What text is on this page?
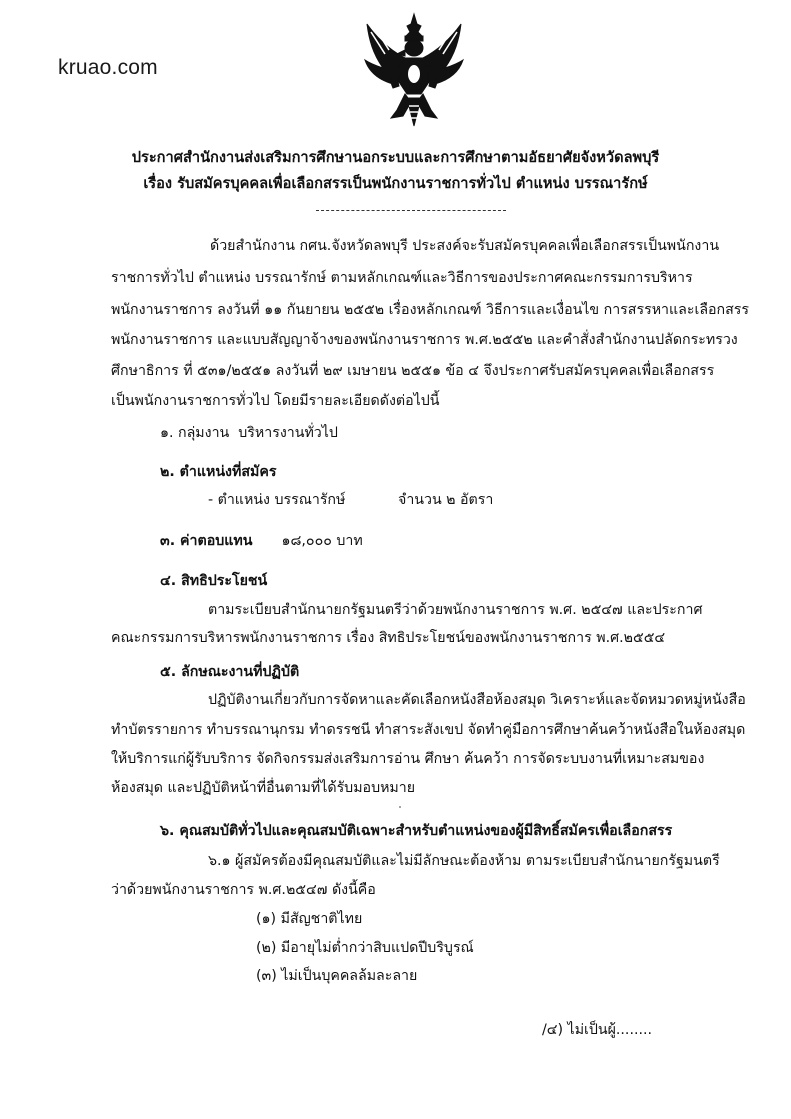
kruao.com
ประกาศสำนักงานส่งเสริมการศึกษานอกระบบและการศึกษาตามอัธยาศัยจังหวัดลพบุรี
เรื่อง รับสมัครบุคคลเพื่อเลือกสรรเป็นพนักงานราชการทั่วไป ตำแหน่ง บรรณารักษ์
------------------------------------------
ด้วยสำนักงาน กศน.จังหวัดลพบุรี ประสงค์จะรับสมัครบุคคลเพื่อเลือกสรรเป็นพนักงาน
ราชการทั่วไป ตำแหน่ง บรรณารักษ์ ตามหลักเกณฑ์และวิธีการของประกาศคณะกรรมการบริหาร
พนักงานราชการ ลงวันที่ ๑๑ กันยายน ๒๕๕๒ เรื่องหลักเกณฑ์ วิธีการและเงื่อนไข การสรรหาและเลือกสรร
พนักงานราชการ และแบบสัญญาจ้างของพนักงานราชการ พ.ศ.๒๕๕๒ และคำสั่งสำนักงานปลัดกระทรวง
ศึกษาธิการ ที่ ๕๓๑/๒๕๕๑ ลงวันที่ ๒๙ เมษายน ๒๕๕๑ ข้อ ๔ จึงประกาศรับสมัครบุคคลเพื่อเลือกสรร
เป็นพนักงานราชการทั่วไป โดยมีรายละเอียดดังต่อไปนี้
๑. กลุ่มงาน บริหารงานทั่วไป
๒. ตำแหน่งที่สมัคร
- ตำแหน่ง บรรณารักษ์	จำนวน ๒ อัตรา
๓. ค่าตอบแทน ๑๘,๐๐๐ บาท
๔. สิทธิประโยชน์
ตามระเบียบสำนักนายกรัฐมนตรีว่าด้วยพนักงานราชการ พ.ศ. ๒๕๔๗ และประกาศ
คณะกรรมการบริหารพนักงานราชการ เรื่อง สิทธิประโยชน์ของพนักงานราชการ พ.ศ.๒๕๕๔
๕. ลักษณะงานที่ปฏิบัติ
ปฏิบัติงานเกี่ยวกับการจัดหาและคัดเลือกหนังสือห้องสมุด วิเคราะห์และจัดหมวดหมู่หนังสือ
ทำบัตรรายการ ทำบรรณานุกรม ทำดรรชนี ทำสาระสังเขป จัดทำคู่มือการศึกษาค้นคว้าหนังสือในห้องสมุด
ให้บริการแก่ผู้รับบริการ จัดกิจกรรมส่งเสริมการอ่าน ศึกษา ค้นคว้า การจัดระบบงานที่เหมาะสมของ
ห้องสมุด และปฏิบัติหน้าที่อื่นตามที่ได้รับมอบหมาย
๖. คุณสมบัติทั่วไปและคุณสมบัติเฉพาะสำหรับตำแหน่งของผู้มีสิทธิ์สมัครเพื่อเลือกสรร
๖.๑ ผู้สมัครต้องมีคุณสมบัติและไม่มีลักษณะต้องห้าม ตามระเบียบสำนักนายกรัฐมนตรี
ว่าด้วยพนักงานราชการ พ.ศ.๒๕๔๗ ดังนี้คือ
(๑) มีสัญชาติไทย
(๒) มีอายุไม่ต่ำกว่าสิบแปดปีบริบูรณ์
(๓) ไม่เป็นบุคคลล้มละลาย
/๔) ไม่เป็นผู้........
